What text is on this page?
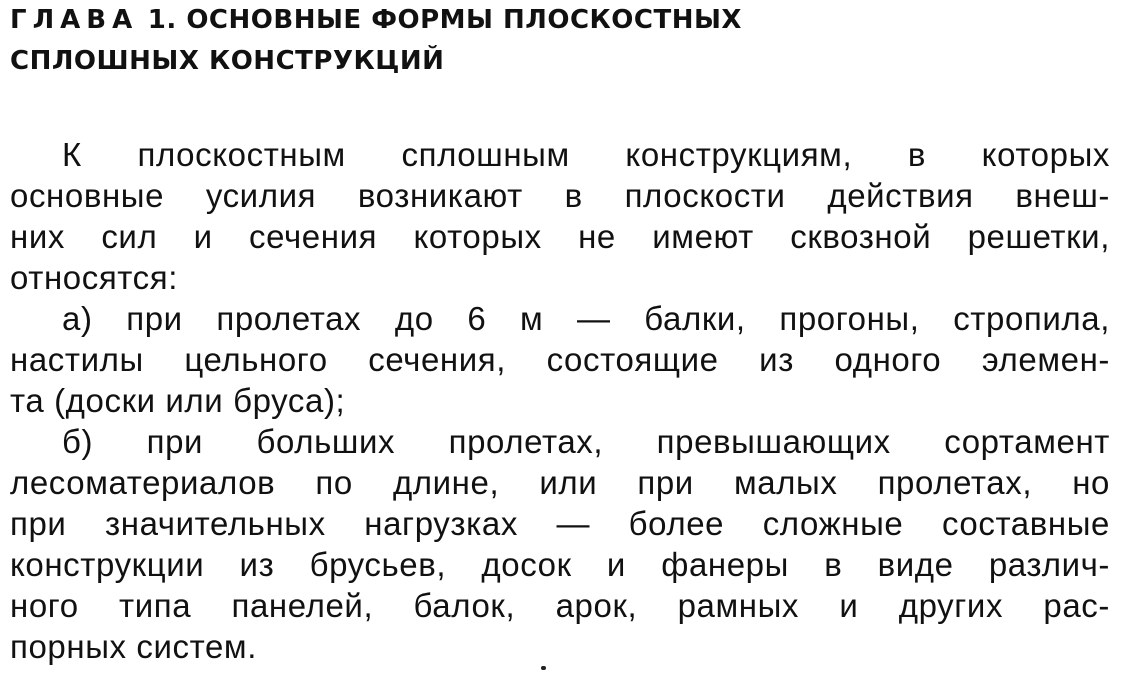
ГЛАВА 1. ОСНОВНЫЕ ФОРМЫ ПЛОСКОСТНЫХ
СПЛОШНЫХ КОНСТРУКЦИЙ
К плоскостным сплошным конструкциям, в которых
основные усилия возникают в плоскости действия внеш-
них сил и сечения которых не имеют сквозной решетки,
относятся:
а) при пролетах до 6 м — балки, прогоны, стропила,
настилы цельного сечения, состоящие из одного элемен-
та (доски или бруса);
б) при больших пролетах, превышающих сортамент
лесоматериалов по длине, или при малых пролетах, но
при значительных нагрузках — более сложные составные
конструкции из брусьев, досок и фанеры в виде различ-
ного типа панелей, балок, арок, рамных и других рас-
порных систем.
